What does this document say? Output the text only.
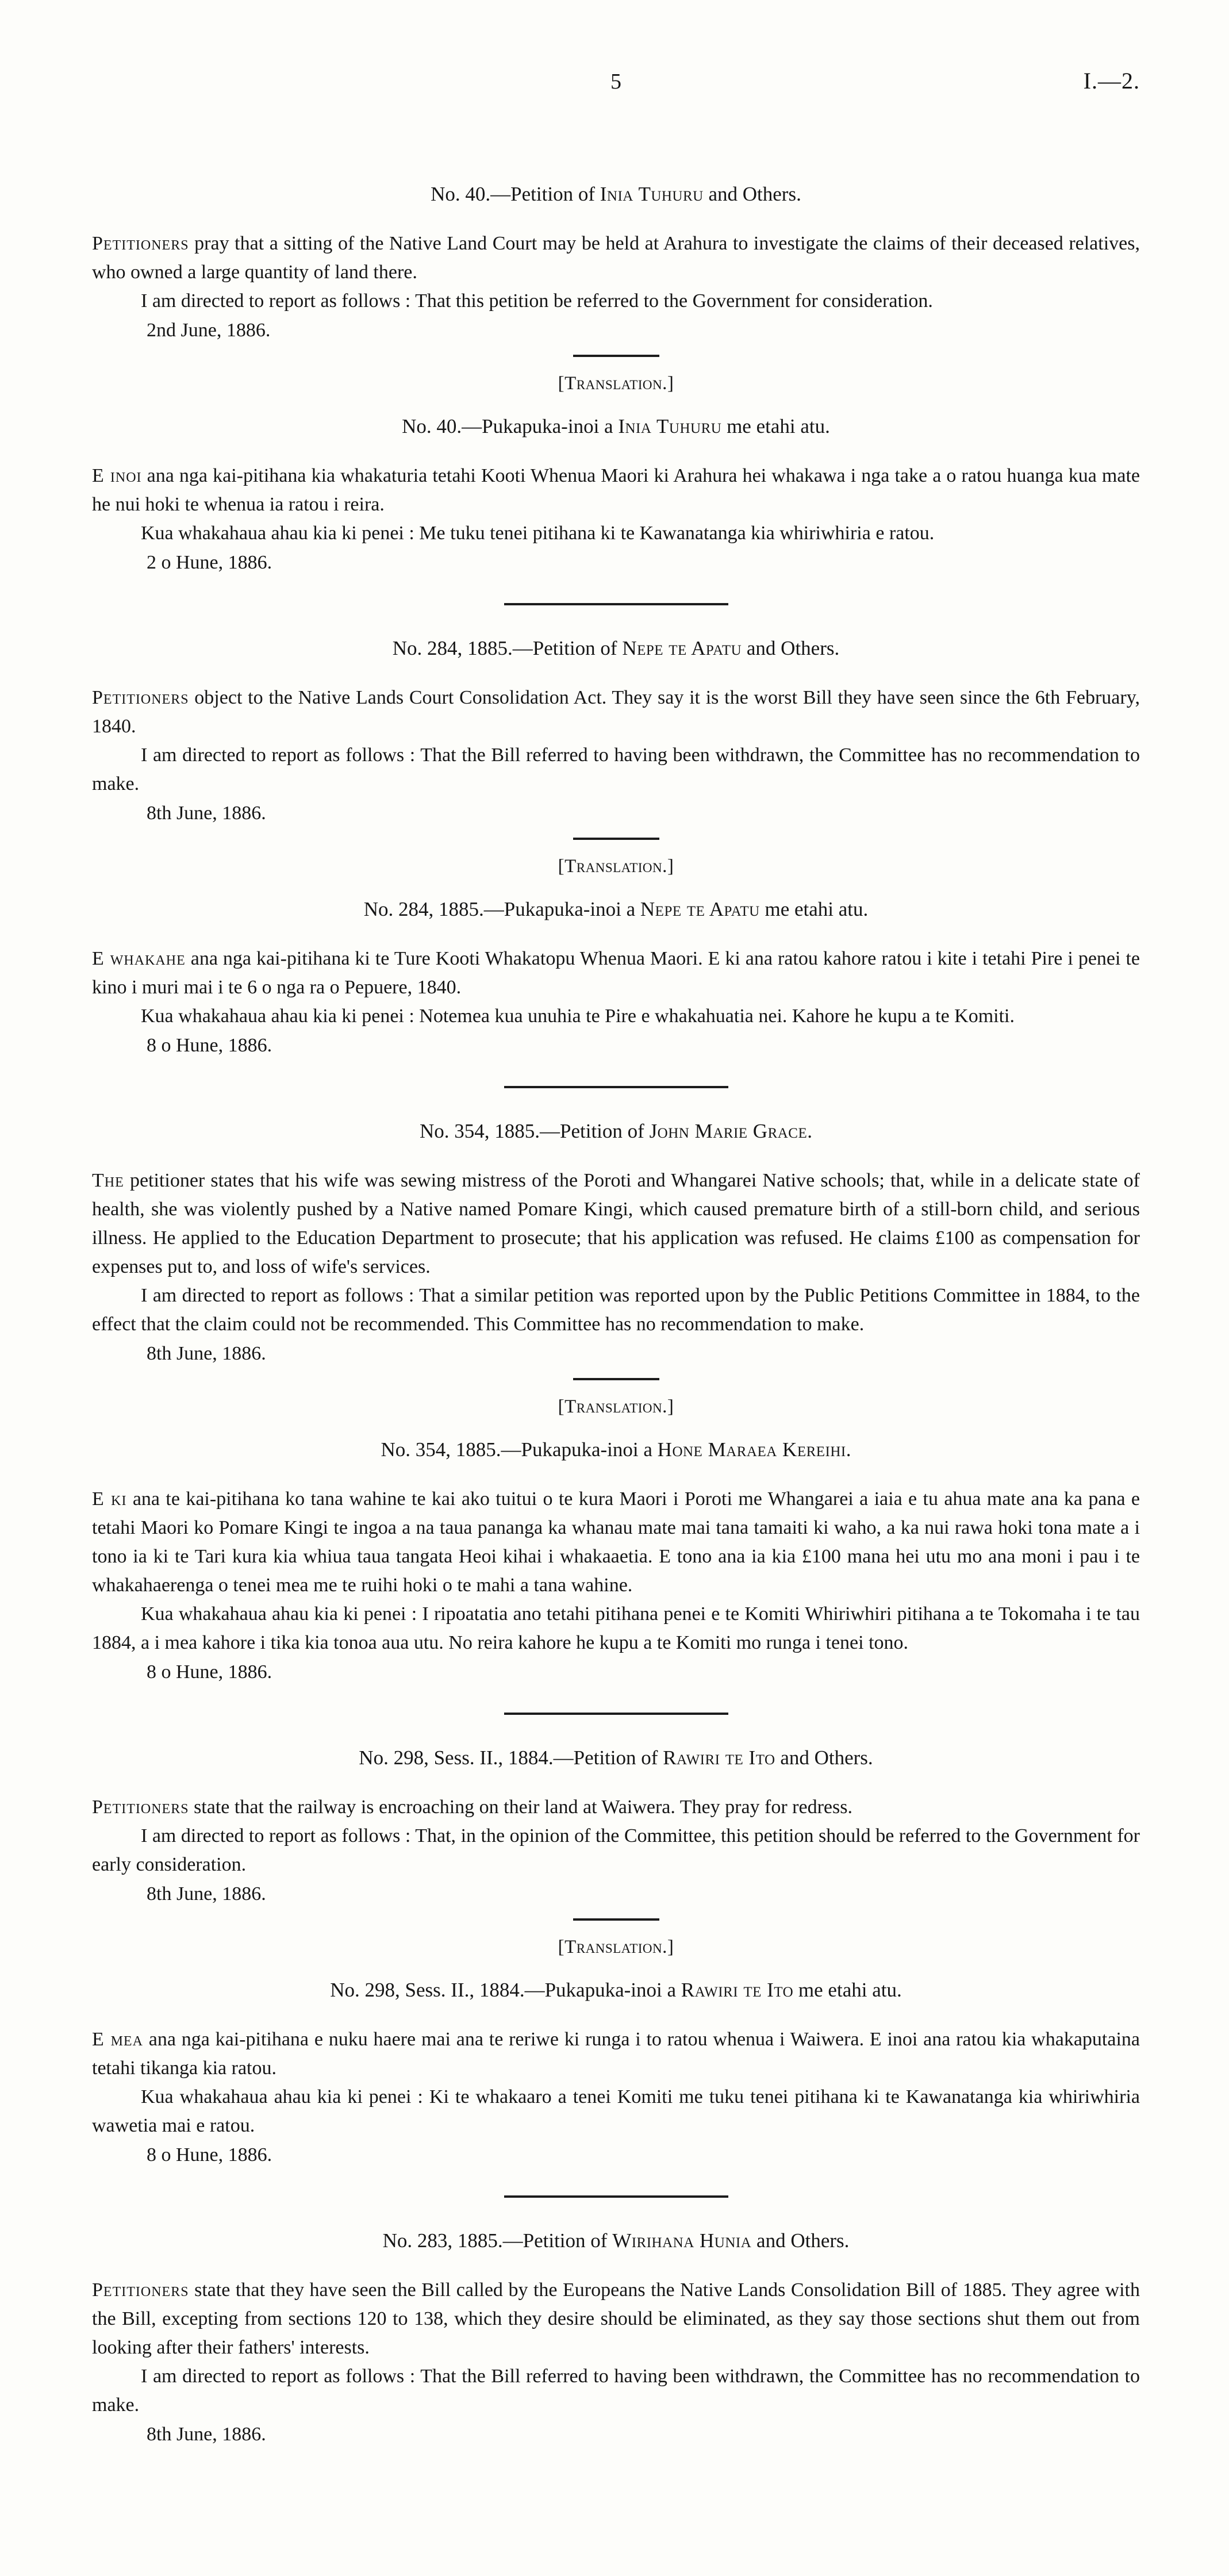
5	I.—2.
No. 40.—Petition of Inia Tuhuru and Others.

Petitioners pray that a sitting of the Native Land Court may be held at Arahura to investigate the claims of their deceased relatives, who owned a large quantity of land there.

I am directed to report as follows : That this petition be referred to the Government for consideration.

2nd June, 1886.

[Translation.]
No. 40.—Pukapuka-inoi a Inia Tuhuru me etahi atu.

E inoi ana nga kai-pitihana kia whakaturia tetahi Kooti Whenua Maori ki Arahura hei whakawa i nga take a o ratou huanga kua mate he nui hoki te whenua ia ratou i reira.

Kua whakahaua ahau kia ki penei : Me tuku tenei pitihana ki te Kawanatanga kia whiriwhiria e ratou.

2 o Hune, 1886.

No. 284, 1885.—Petition of Nepe te Apatu and Others.

Petitioners object to the Native Lands Court Consolidation Act. They say it is the worst Bill they have seen since the 6th February, 1840.

I am directed to report as follows : That the Bill referred to having been withdrawn, the Committee has no recommendation to make.

8th June, 1886.

[Translation.]
No. 284, 1885.—Pukapuka-inoi a Nepe te Apatu me etahi atu.

E whakahe ana nga kai-pitihana ki te Ture Kooti Whakatopu Whenua Maori. E ki ana ratou kahore ratou i kite i tetahi Pire i penei te kino i muri mai i te 6 o nga ra o Pepuere, 1840.

Kua whakahaua ahau kia ki penei : Notemea kua unuhia te Pire e whakahuatia nei. Kahore he kupu a te Komiti.

8 o Hune, 1886.

No. 354, 1885.—Petition of John Marie Grace.

The petitioner states that his wife was sewing mistress of the Poroti and Whangarei Native schools; that, while in a delicate state of health, she was violently pushed by a Native named Pomare Kingi, which caused premature birth of a still-born child, and serious illness. He applied to the Education Department to prosecute; that his application was refused. He claims £100 as compensation for expenses put to, and loss of wife's services.

I am directed to report as follows : That a similar petition was reported upon by the Public Petitions Committee in 1884, to the effect that the claim could not be recommended. This Committee has no recommendation to make.

8th June, 1886.

[Translation.]
No. 354, 1885.—Pukapuka-inoi a Hone Maraea Kereihi.

E ki ana te kai-pitihana ko tana wahine te kai ako tuitui o te kura Maori i Poroti me Whangarei a iaia e tu ahua mate ana ka pana e tetahi Maori ko Pomare Kingi te ingoa a na taua pananga ka whanau mate mai tana tamaiti ki waho, a ka nui rawa hoki tona mate a i tono ia ki te Tari kura kia whiua taua tangata Heoi kihai i whakaaetia. E tono ana ia kia £100 mana hei utu mo ana moni i pau i te whakahaerenga o tenei mea me te ruihi hoki o te mahi a tana wahine.

Kua whakahaua ahau kia ki penei : I ripoatatia ano tetahi pitihana penei e te Komiti Whiriwhiri pitihana a te Tokomaha i te tau 1884, a i mea kahore i tika kia tonoa aua utu. No reira kahore he kupu a te Komiti mo runga i tenei tono.

8 o Hune, 1886.

No. 298, Sess. II., 1884.—Petition of Rawiri te Ito and Others.

Petitioners state that the railway is encroaching on their land at Waiwera. They pray for redress.

I am directed to report as follows : That, in the opinion of the Committee, this petition should be referred to the Government for early consideration.

8th June, 1886.

[Translation.]
No. 298, Sess. II., 1884.—Pukapuka-inoi a Rawiri te Ito me etahi atu.

E mea ana nga kai-pitihana e nuku haere mai ana te reriwe ki runga i to ratou whenua i Waiwera. E inoi ana ratou kia whakaputaina tetahi tikanga kia ratou.

Kua whakahaua ahau kia ki penei : Ki te whakaaro a tenei Komiti me tuku tenei pitihana ki te Kawanatanga kia whiriwhiria wawetia mai e ratou.

8 o Hune, 1886.

No. 283, 1885.—Petition of Wirihana Hunia and Others.

Petitioners state that they have seen the Bill called by the Europeans the Native Lands Consolidation Bill of 1885. They agree with the Bill, excepting from sections 120 to 138, which they desire should be eliminated, as they say those sections shut them out from looking after their fathers' interests.

I am directed to report as follows : That the Bill referred to having been withdrawn, the Committee has no recommendation to make.

8th June, 1886.
